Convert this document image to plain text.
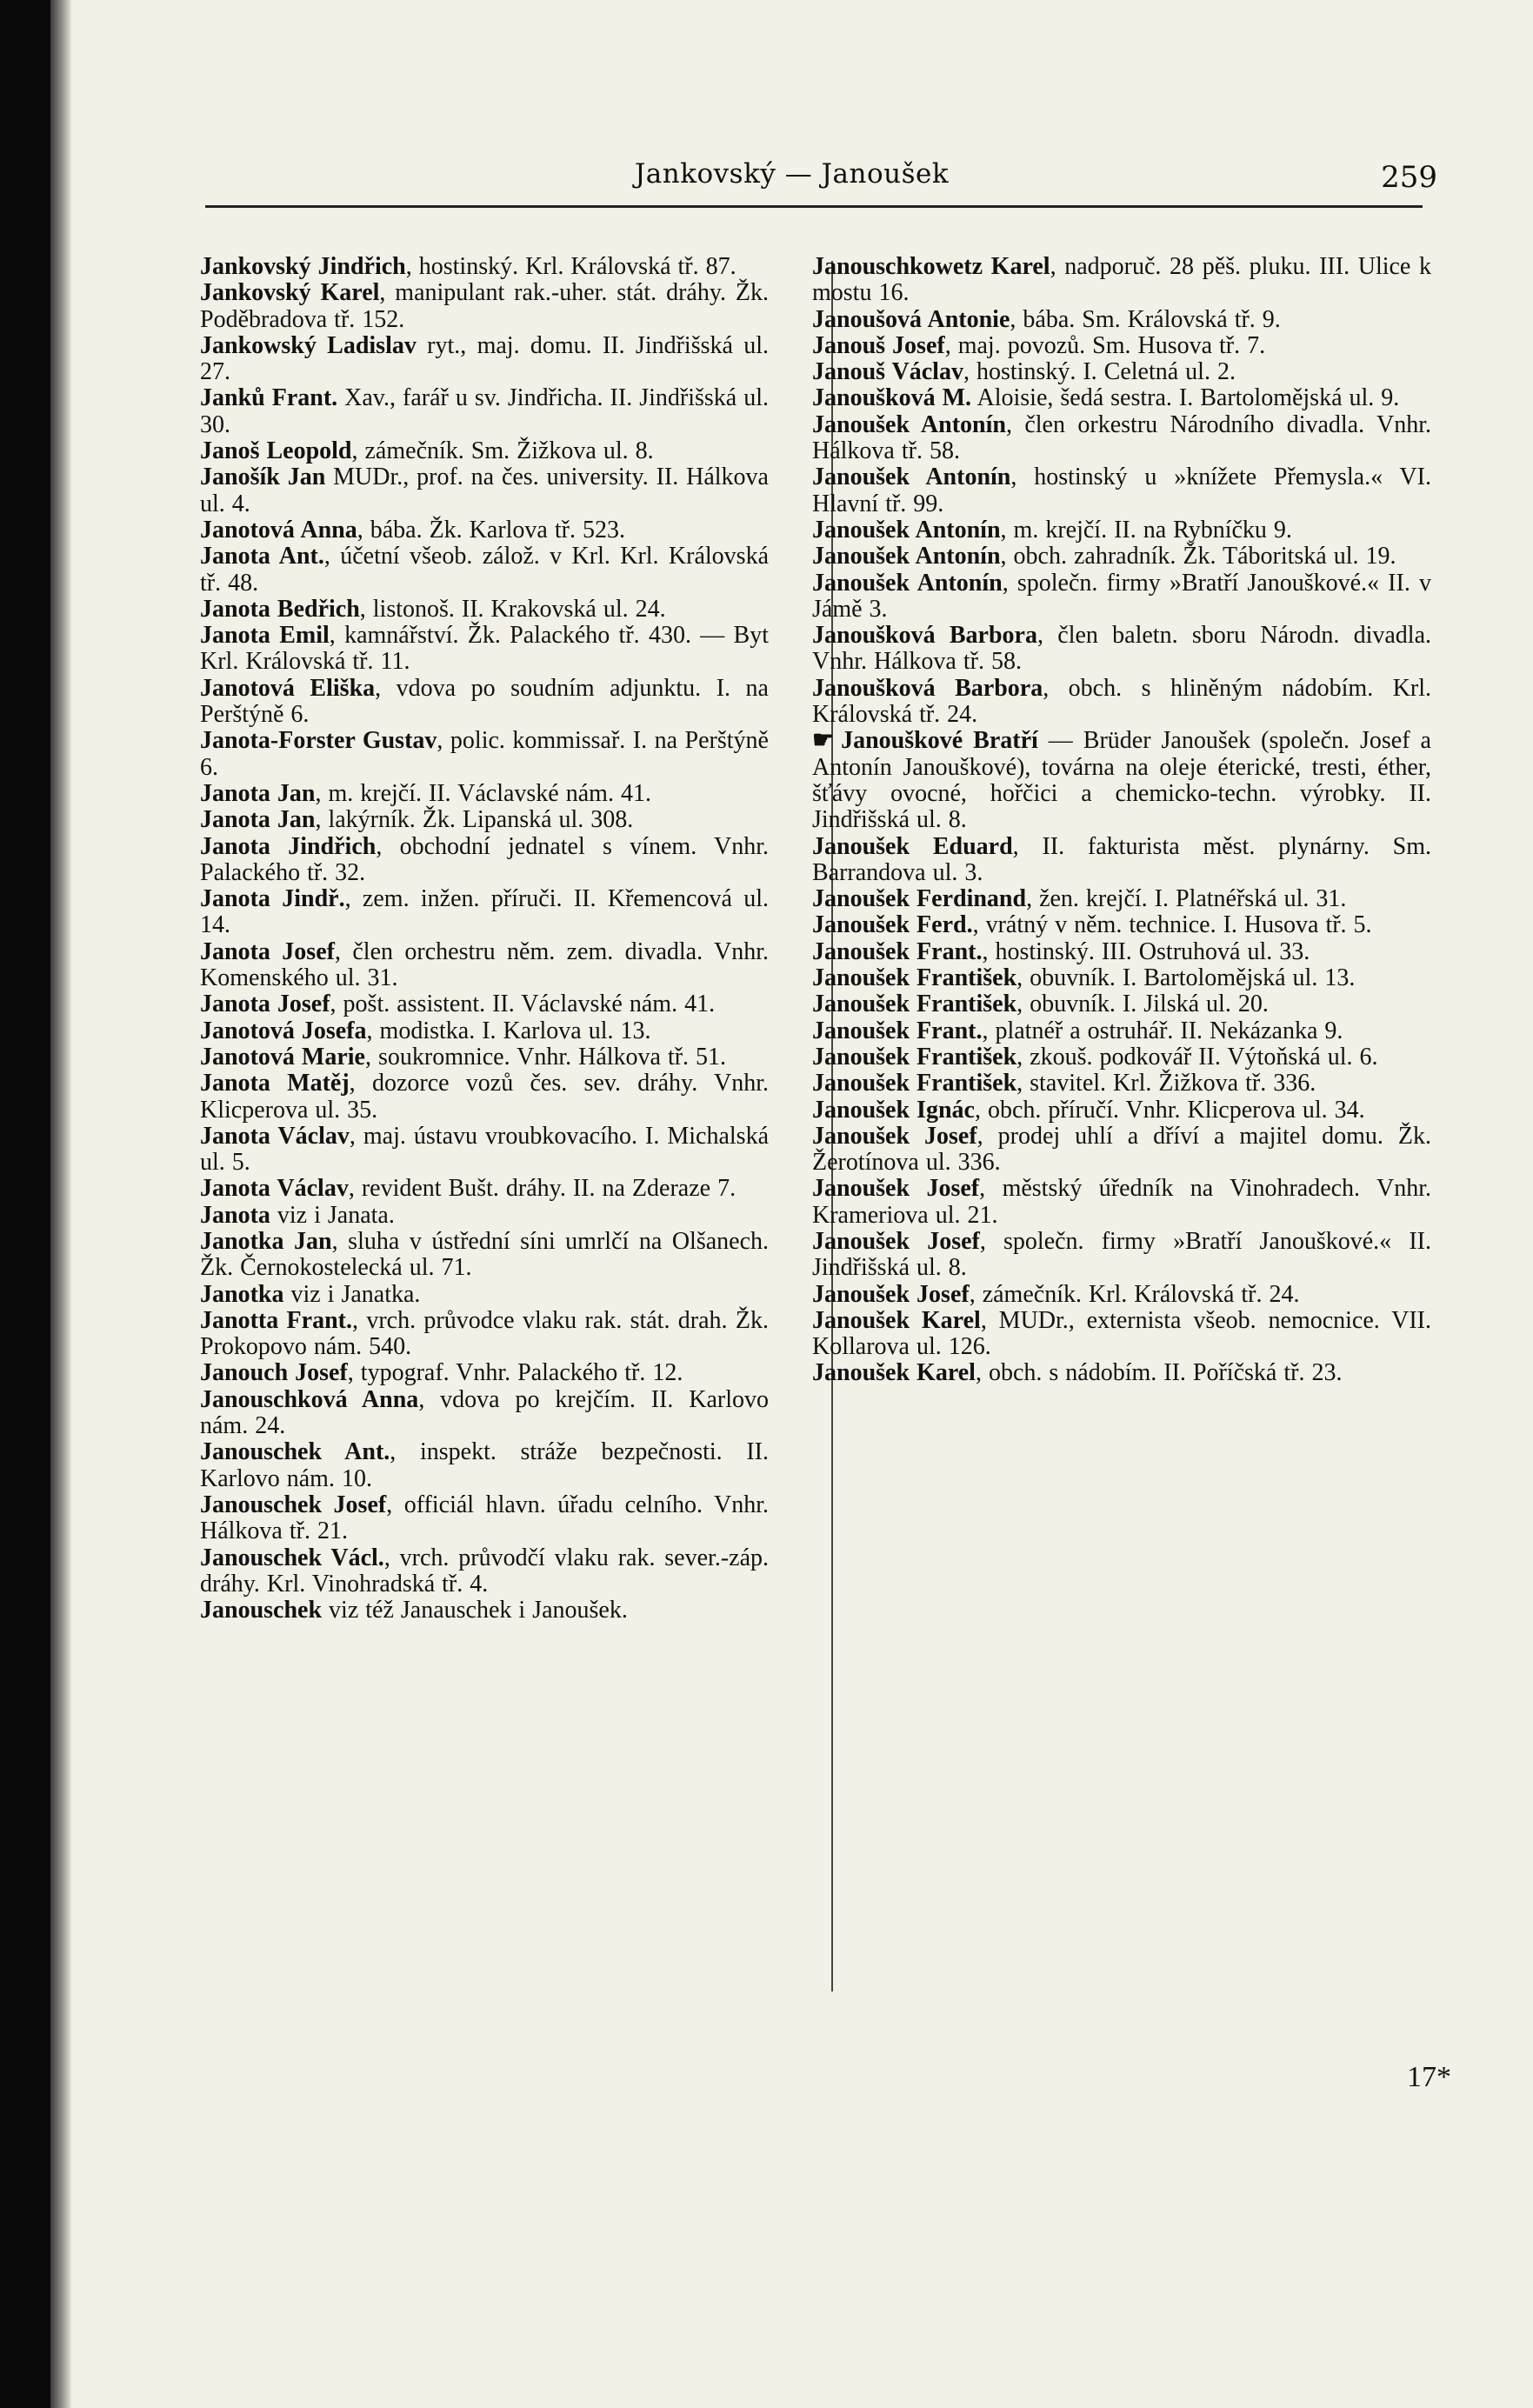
Jankovský — Janoušek	259

Jankovský Jindřich, hostinský. Krl. Královská tř. 87.

Jankovský Karel, manipulant rak.-uher. stát. dráhy. Žk. Poděbradova tř. 152.

Jankowský Ladislav ryt., maj. domu. II. Jindřišská ul. 27.

Janků Frant. Xav., farář u sv. Jindřicha. II. Jindřišská ul. 30.

Janoš Leopold, zámečník. Sm. Žižkova ul. 8.

Janošík Jan MUDr., prof. na čes. university. II. Hálkova ul. 4.

Janotová Anna, bába. Žk. Karlova tř. 523.

Janota Ant., účetní všeob. zálož. v Krl. Krl. Královská tř. 48.

Janota Bedřich, listonoš. II. Krakovská ul. 24.

Janota Emil, kamnářství. Žk. Palackého tř. 430. — Byt Krl. Královská tř. 11.

Janotová Eliška, vdova po soudním adjunktu. I. na Perštýně 6.

Janota-Forster Gustav, polic. kommissař. I. na Perštýně 6.

Janota Jan, m. krejčí. II. Václavské nám. 41.

Janota Jan, lakýrník. Žk. Lipanská ul. 308.

Janota Jindřich, obchodní jednatel s vínem. Vnhr. Palackého tř. 32.

Janota Jindř., zem. inžen. příruči. II. Křemencová ul. 14.

Janota Josef, člen orchestru něm. zem. divadla. Vnhr. Komenského ul. 31.

Janota Josef, pošt. assistent. II. Václavské nám. 41.

Janotová Josefa, modistka. I. Karlova ul. 13.

Janotová Marie, soukromnice. Vnhr. Hálkova tř. 51.

Janota Matěj, dozorce vozů čes. sev. dráhy. Vnhr. Klicperova ul. 35.

Janota Václav, maj. ústavu vroubkovacího. I. Michalská ul. 5.

Janota Václav, revident Bušt. dráhy. II. na Zderaze 7.

Janota viz i Janata.

Janotka Jan, sluha v ústřední síni umrlčí na Olšanech. Žk. Černokostelecká ul. 71.

Janotka viz i Janatka.

Janotta Frant., vrch. průvodce vlaku rak. stát. drah. Žk. Prokopovo nám. 540.

Janouch Josef, typograf. Vnhr. Palackého tř. 12.

Janouschková Anna, vdova po krejčím. II. Karlovo nám. 24.

Janouschek Ant., inspekt. stráže bezpečnosti. II. Karlovo nám. 10.

Janouschek Josef, officiál hlavn. úřadu celního. Vnhr. Hálkova tř. 21.

Janouschek Václ., vrch. průvodčí vlaku rak. sever.-záp. dráhy. Krl. Vinohradská tř. 4.

Janouschek viz též Janauschek i Janoušek.

Janouschkowetz Karel, nadporuč. 28 pěš. pluku. III. Ulice k mostu 16.

Janoušová Antonie, bába. Sm. Královská tř. 9.

Janouš Josef, maj. povozů. Sm. Husova tř. 7.

Janouš Václav, hostinský. I. Celetná ul. 2.

Janoušková M. Aloisie, šedá sestra. I. Bartolomějská ul. 9.

Janoušek Antonín, člen orkestru Národního divadla. Vnhr. Hálkova tř. 58.

Janoušek Antonín, hostinský u »knížete Přemysla.« VI. Hlavní tř. 99.

Janoušek Antonín, m. krejčí. II. na Rybníčku 9.

Janoušek Antonín, obch. zahradník. Žk. Táboritská ul. 19.

Janoušek Antonín, společn. firmy »Bratří Janouškové.« II. v Jámě 3.

Janoušková Barbora, člen baletn. sboru Národn. divadla. Vnhr. Hálkova tř. 58.

Janoušková Barbora, obch. s hliněným nádobím. Krl. Královská tř. 24.

☛ Janouškové Bratří — Brüder Janoušek (společn. Josef a Antonín Janouškové), továrna na oleje éterické, tresti, éther, šťávy ovocné, hořčici a chemicko-techn. výrobky. II. Jindřišská ul. 8.

Janoušek Eduard, II. fakturista měst. plynárny. Sm. Barrandova ul. 3.

Janoušek Ferdinand, žen. krejčí. I. Platnéřská ul. 31.

Janoušek Ferd., vrátný v něm. technice. I. Husova tř. 5.

Janoušek Frant., hostinský. III. Ostruhová ul. 33.

Janoušek František, obuvník. I. Bartolomějská ul. 13.

Janoušek František, obuvník. I. Jilská ul. 20.

Janoušek Frant., platnéř a ostruhář. II. Nekázanka 9.

Janoušek František, zkouš. podkovář II. Výtoňská ul. 6.

Janoušek František, stavitel. Krl. Žižkova tř. 336.

Janoušek Ignác, obch. příručí. Vnhr. Klicperova ul. 34.

Janoušek Josef, prodej uhlí a dříví a majitel domu. Žk. Žerotínova ul. 336.

Janoušek Josef, městský úředník na Vinohradech. Vnhr. Krameriova ul. 21.

Janoušek Josef, společn. firmy »Bratří Janouškové.« II. Jindřišská ul. 8.

Janoušek Josef, zámečník. Krl. Královská tř. 24.

Janoušek Karel, MUDr., externista všeob. nemocnice. VII. Kollarova ul. 126.

Janoušek Karel, obch. s nádobím. II. Poříčská tř. 23.

17*
